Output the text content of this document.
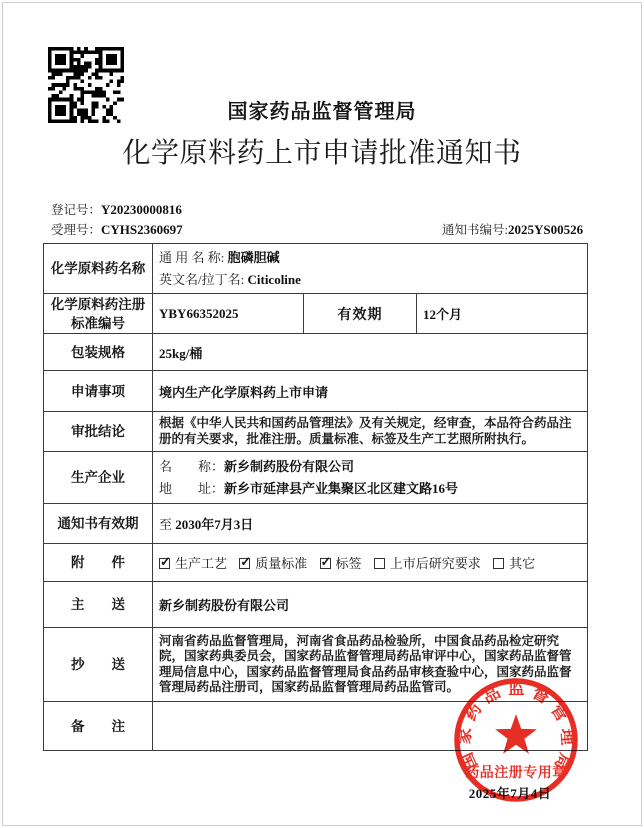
国家药品监督管理局
化学原料药上市申请批准通知书
登记号： Y20230000816
受理号： CYHS2360697	通知书编号:2025YS00526
化学原料药名称	通 用 名 称: 胞磷胆碱
英文名/拉丁名: Citicoline		

化学原料药注册
标准编号	YBY66352025	有效期	12个月
包装规格	25kg/桶		
申请事项	境内生产化学原料药上市申请		
审批结论	根据《中华人民共和国药品管理法》及有关规定，经审查，本品符合药品注册的有关要求，批准注册。质量标准、标签及生产工艺照所附执行。		
生产企业	名　　称：新乡制药股份有限公司
地　　址：新乡市延津县产业集聚区北区建文路16号		

通知书有效期	至 2030年7月3日		
附　　件	✓生产工艺 ✓ 质量标准 ✓ 标签 上市后研究要求 其它
主　　送	新乡制药股份有限公司		
抄　　送	河南省药品监督管理局，河南省食品药品检验所，中国食品药品检定研究院，国家药典委员会，国家药品监督管理局药品审评中心，国家药品监督管理局信息中心，国家药品监督管理局食品药品审核查验中心，国家药品监督管理局药品注册司，国家药品监督管理局药品监管司。		
备　　注			
2025年7月4日
国家药品监督管理局
药品注册专用章
